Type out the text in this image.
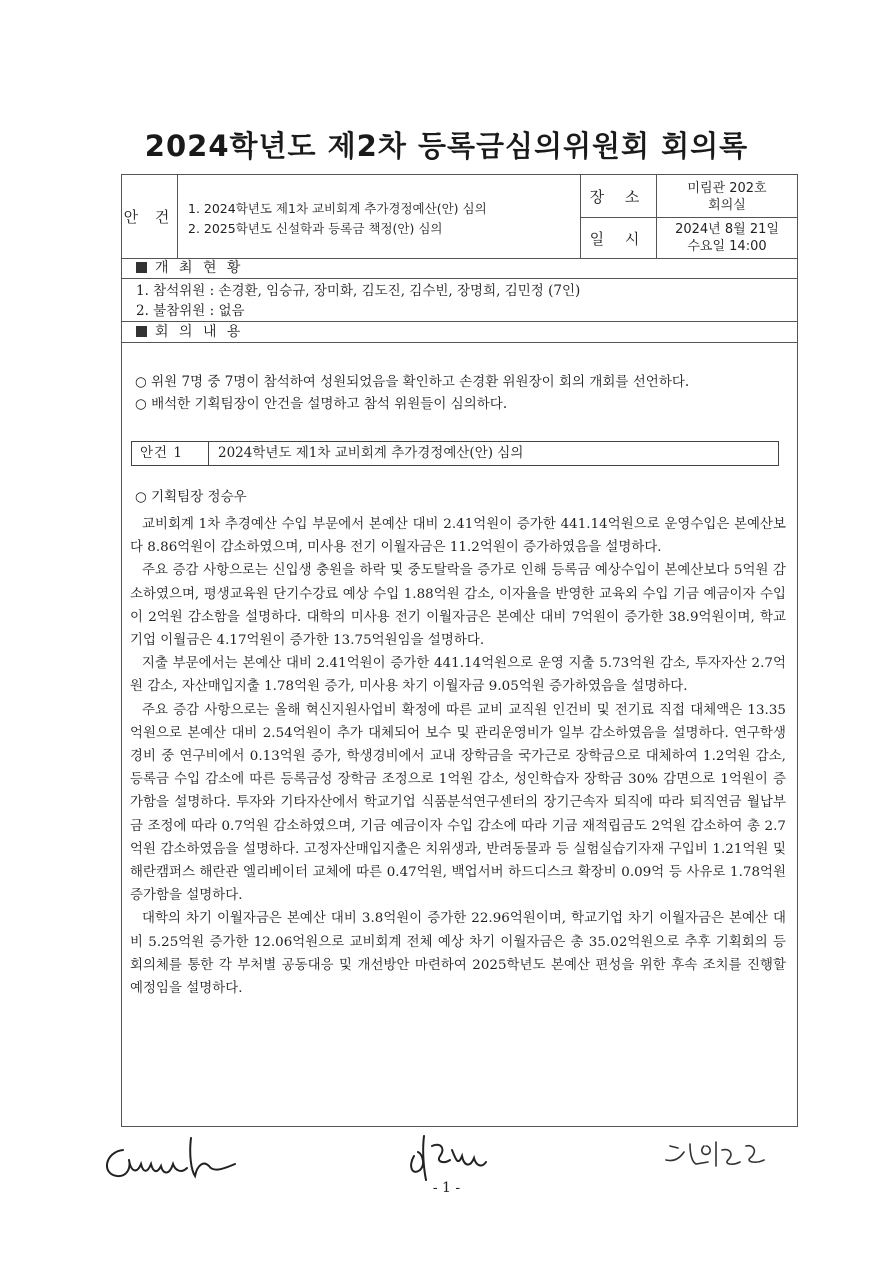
2024학년도 제2차 등록금심의위원회 회의록
안 건 1. 2024학년도 제1차 교비회계 추가경정예산(안) 심의
2. 2025학년도 신설학과 등록금 책정(안) 심의
장 소	미림관 202호
회의실
일 시	2024년 8월 21일
수요일 14:00
개 최 현 황
1. 참석위원 : 손경환, 임승규, 장미화, 김도진, 김수빈, 장명희, 김민정 (7인)
2. 불참위원 : 없음
회 의 내 용
○ 위원 7명 중 7명이 참석하여 성원되었음을 확인하고 손경환 위원장이 회의 개회를 선언하다.
○ 배석한 기획팀장이 안건을 설명하고 참석 위원들이 심의하다.
안건 1	2024학년도 제1차 교비회계 추가경정예산(안) 심의
○ 기획팀장 정승우

교비회계 1차 추경예산 수입 부문에서 본예산 대비 2.41억원이 증가한 441.14억원으로 운영수입은 본예산보다 8.86억원이 감소하였으며, 미사용 전기 이월자금은 11.2억원이 증가하였음을 설명하다.

주요 증감 사항으로는 신입생 충원을 하락 및 중도탈락을 증가로 인해 등록금 예상수입이 본예산보다 5억원 감소하였으며, 평생교육원 단기수강료 예상 수입 1.88억원 감소, 이자율을 반영한 교육외 수입 기금 예금이자 수입이 2억원 감소함을 설명하다. 대학의 미사용 전기 이월자금은 본예산 대비 7억원이 증가한 38.9억원이며, 학교기업 이월금은 4.17억원이 증가한 13.75억원임을 설명하다.

지출 부문에서는 본예산 대비 2.41억원이 증가한 441.14억원으로 운영 지출 5.73억원 감소, 투자자산 2.7억원 감소, 자산매입지출 1.78억원 증가, 미사용 차기 이월자금 9.05억원 증가하였음을 설명하다.

주요 증감 사항으로는 올해 혁신지원사업비 확정에 따른 교비 교직원 인건비 및 전기료 직접 대체액은 13.35억원으로 본예산 대비 2.54억원이 추가 대체되어 보수 및 관리운영비가 일부 감소하였음을 설명하다. 연구학생경비 중 연구비에서 0.13억원 증가, 학생경비에서 교내 장학금을 국가근로 장학금으로 대체하여 1.2억원 감소, 등록금 수입 감소에 따른 등록금성 장학금 조정으로 1억원 감소, 성인학습자 장학금 30% 감면으로 1억원이 증가함을 설명하다. 투자와 기타자산에서 학교기업 식품분석연구센터의 장기근속자 퇴직에 따라 퇴직연금 월납부금 조정에 따라 0.7억원 감소하였으며, 기금 예금이자 수입 감소에 따라 기금 재적립금도 2억원 감소하여 총 2.7억원 감소하였음을 설명하다. 고정자산매입지출은 치위생과, 반려동물과 등 실험실습기자재 구입비 1.21억원 및 해란캠퍼스 해란관 엘리베이터 교체에 따른 0.47억원, 백업서버 하드디스크 확장비 0.09억 등 사유로 1.78억원 증가함을 설명하다.

대학의 차기 이월자금은 본예산 대비 3.8억원이 증가한 22.96억원이며, 학교기업 차기 이월자금은 본예산 대비 5.25억원 증가한 12.06억원으로 교비회계 전체 예상 차기 이월자금은 총 35.02억원으로 추후 기획회의 등 회의체를 통한 각 부처별 공동대응 및 개선방안 마련하여 2025학년도 본예산 편성을 위한 후속 조치를 진행할 예정임을 설명하다.

- 1 -
